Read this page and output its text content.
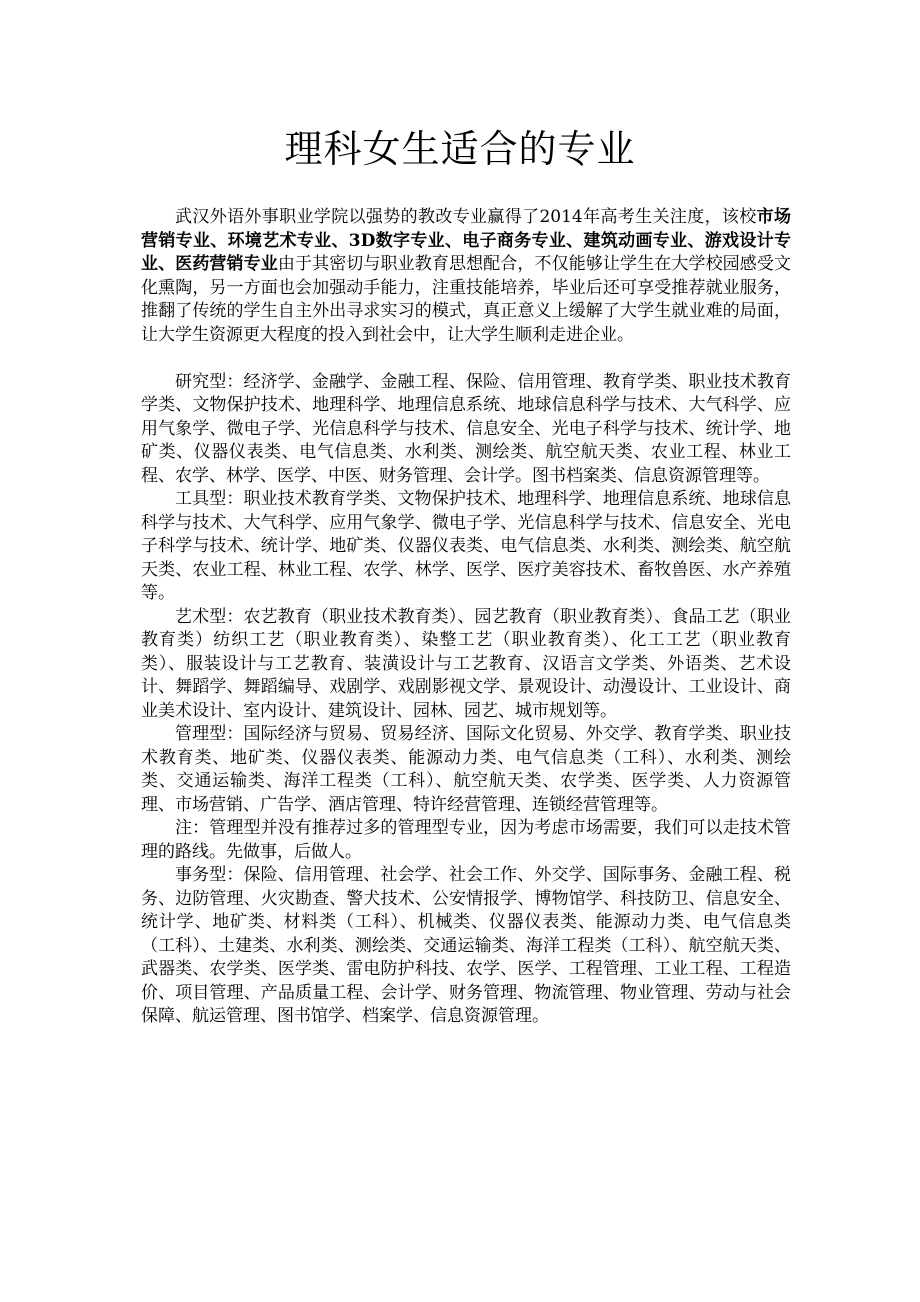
理科女生适合的专业

武汉外语外事职业学院以强势的教改专业赢得了2014年高考生关注度，该校市场营销专业、环境艺术专业、3D数字专业、电子商务专业、建筑动画专业、游戏设计专业、医药营销专业由于其密切与职业教育思想配合，不仅能够让学生在大学校园感受文化熏陶，另一方面也会加强动手能力，注重技能培养，毕业后还可享受推荐就业服务，推翻了传统的学生自主外出寻求实习的模式，真正意义上缓解了大学生就业难的局面，让大学生资源更大程度的投入到社会中，让大学生顺利走进企业。

研究型：经济学、金融学、金融工程、保险、信用管理、教育学类、职业技术教育学类、文物保护技术、地理科学、地理信息系统、地球信息科学与技术、大气科学、应用气象学、微电子学、光信息科学与技术、信息安全、光电子科学与技术、统计学、地矿类、仪器仪表类、电气信息类、水利类、测绘类、航空航天类、农业工程、林业工程、农学、林学、医学、中医、财务管理、会计学。图书档案类、信息资源管理等。

工具型：职业技术教育学类、文物保护技术、地理科学、地理信息系统、地球信息科学与技术、大气科学、应用气象学、微电子学、光信息科学与技术、信息安全、光电子科学与技术、统计学、地矿类、仪器仪表类、电气信息类、水利类、测绘类、航空航天类、农业工程、林业工程、农学、林学、医学、医疗美容技术、畜牧兽医、水产养殖等。

艺术型：农艺教育（职业技术教育类）、园艺教育（职业教育类）、食品工艺（职业教育类）纺织工艺（职业教育类）、染整工艺（职业教育类）、化工工艺（职业教育类）、服装设计与工艺教育、装潢设计与工艺教育、汉语言文学类、外语类、艺术设计、舞蹈学、舞蹈编导、戏剧学、戏剧影视文学、景观设计、动漫设计、工业设计、商业美术设计、室内设计、建筑设计、园林、园艺、城市规划等。

管理型：国际经济与贸易、贸易经济、国际文化贸易、外交学、教育学类、职业技术教育类、地矿类、仪器仪表类、能源动力类、电气信息类（工科）、水利类、测绘类、交通运输类、海洋工程类（工科）、航空航天类、农学类、医学类、人力资源管理、市场营销、广告学、酒店管理、特许经营管理、连锁经营管理等。

注：管理型并没有推荐过多的管理型专业，因为考虑市场需要，我们可以走技术管理的路线。先做事，后做人。

事务型：保险、信用管理、社会学、社会工作、外交学、国际事务、金融工程、税务、边防管理、火灾勘查、警犬技术、公安情报学、博物馆学、科技防卫、信息安全、统计学、地矿类、材料类（工科）、机械类、仪器仪表类、能源动力类、电气信息类（工科）、土建类、水利类、测绘类、交通运输类、海洋工程类（工科）、航空航天类、武器类、农学类、医学类、雷电防护科技、农学、医学、工程管理、工业工程、工程造价、项目管理、产品质量工程、会计学、财务管理、物流管理、物业管理、劳动与社会保障、航运管理、图书馆学、档案学、信息资源管理。
